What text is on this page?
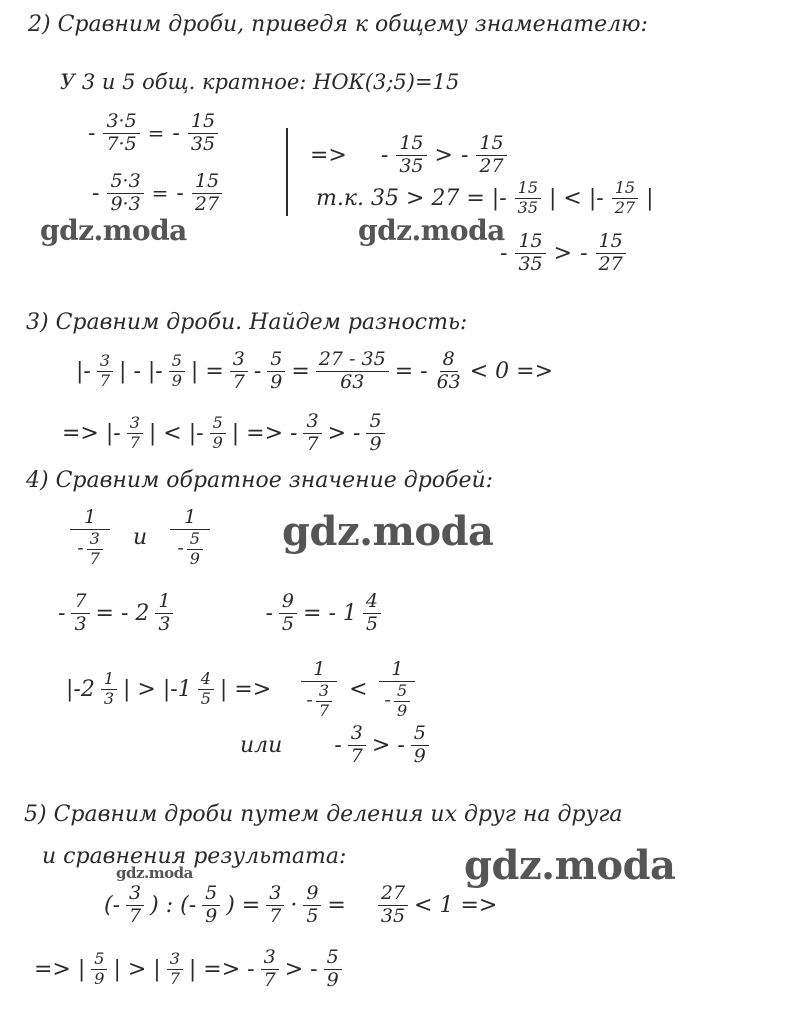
2) Сравним дроби, приведя к общему знаменателю:
У 3 и 5 общ. кратное: НОК(3;5)=15
- $\frac{3\cdot 5}{7\cdot 5}$ = - $\frac{15}{35}$
- $\frac{5\cdot 3}{9\cdot 3}$ = - $\frac{15}{27}$
=> - $\frac{15}{35}$ > - $\frac{15}{27}$
т.к. 35 > 27 = |- $\frac{15}{35}$ | < |- $\frac{15}{27}$ |
- $\frac{15}{35}$ > - $\frac{15}{27}$
gdz.moda	gdz.moda
3) Сравним дроби. Найдем разность:
|- $\frac{3}{7}$ | - |- $\frac{5}{9}$ | = $\frac{3}{7} - \frac{5}{9} = \frac{27 - 35}{63}$ = - $\frac{8}{63} < 0$ =>
=> |- $\frac{3}{7}$ | < |- $\frac{5}{9}$ | => - $\frac{3}{7}$ > - $\frac{5}{9}$
4) Сравним обратное значение дробей:
$\frac{1}{- \frac{3}{7}}$	и	$\frac{1}{- \frac{5}{9}}$ gdz.moda
- $\frac{7}{3}$ = - $2 \frac{1}{3}$	- $\frac{9}{5}$ = - $1 \frac{4}{5}$
$|-2 \frac{1}{3}$ | > $|-1 \frac{4}{5}$ | => $\frac{1}{- \frac{3}{7}} < \frac{1}{- \frac{5}{9}}$
или - $\frac{3}{7}$ > - $\frac{5}{9}$
5) Сравним дроби путем деления их друг на друга
и сравнения результата:	gdz.moda
gdz.moda
(- $\frac{3}{7}$ ) : (- $\frac{5}{9}$ ) = $\frac{3}{7} \cdot \frac{9}{5} = \frac{27}{35} < 1$ =>
=> | $\frac{5}{9}$ | > | $\frac{3}{7}$ | => - $\frac{3}{7}$ > - $\frac{5}{9}$
